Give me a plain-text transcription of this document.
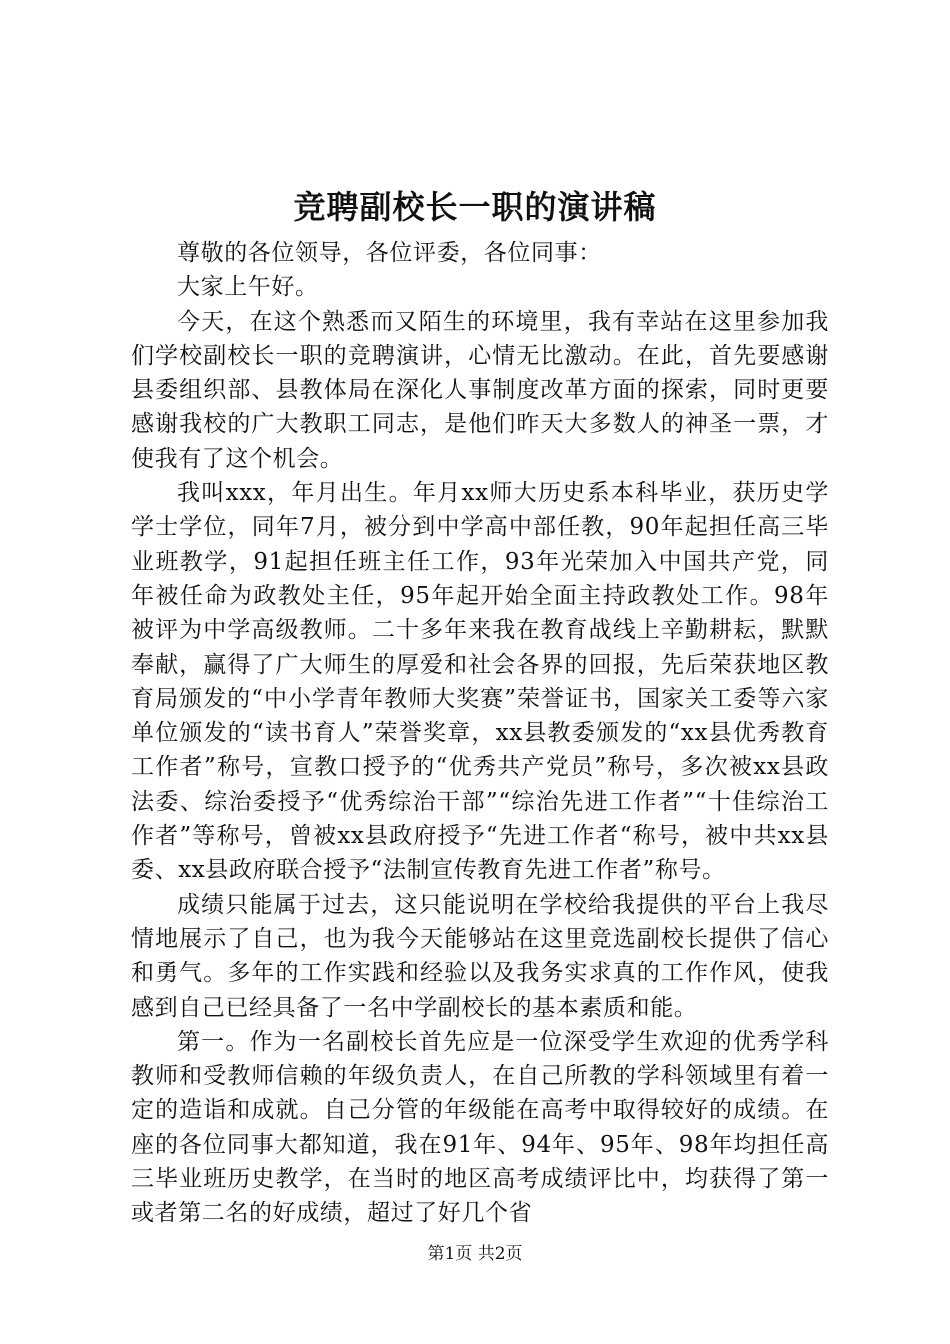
竞聘副校长一职的演讲稿

尊敬的各位领导，各位评委，各位同事：

大家上午好。

今天，在这个熟悉而又陌生的环境里，我有幸站在这里参加我们学校副校长一职的竞聘演讲，心情无比激动。在此，首先要感谢县委组织部、县教体局在深化人事制度改革方面的探索，同时更要感谢我校的广大教职工同志，是他们昨天大多数人的神圣一票，才使我有了这个机会。

我叫xxx，年月出生。年月xx师大历史系本科毕业，获历史学学士学位，同年7月，被分到中学高中部任教，90年起担任高三毕业班教学，91起担任班主任工作，93年光荣加入中国共产党，同年被任命为政教处主任，95年起开始全面主持政教处工作。98年被评为中学高级教师。二十多年来我在教育战线上辛勤耕耘，默默奉献，赢得了广大师生的厚爱和社会各界的回报，先后荣获地区教育局颁发的“中小学青年教师大奖赛”荣誉证书，国家关工委等六家单位颁发的“读书育人”荣誉奖章，xx县教委颁发的“xx县优秀教育工作者”称号，宣教口授予的“优秀共产党员”称号，多次被xx县政法委、综治委授予“优秀综治干部”“综治先进工作者”“十佳综治工作者”等称号，曾被xx县政府授予“先进工作者“称号，被中共xx县委、xx县政府联合授予“法制宣传教育先进工作者”称号。

成绩只能属于过去，这只能说明在学校给我提供的平台上我尽情地展示了自己，也为我今天能够站在这里竞选副校长提供了信心和勇气。多年的工作实践和经验以及我务实求真的工作作风，使我感到自己已经具备了一名中学副校长的基本素质和能。

第一。作为一名副校长首先应是一位深受学生欢迎的优秀学科教师和受教师信赖的年级负责人，在自己所教的学科领域里有着一定的造诣和成就。自己分管的年级能在高考中取得较好的成绩。在座的各位同事大都知道，我在91年、94年、95年、98年均担任高三毕业班历史教学，在当时的地区高考成绩评比中，均获得了第一或者第二名的好成绩，超过了好几个省

第1页 共2页
